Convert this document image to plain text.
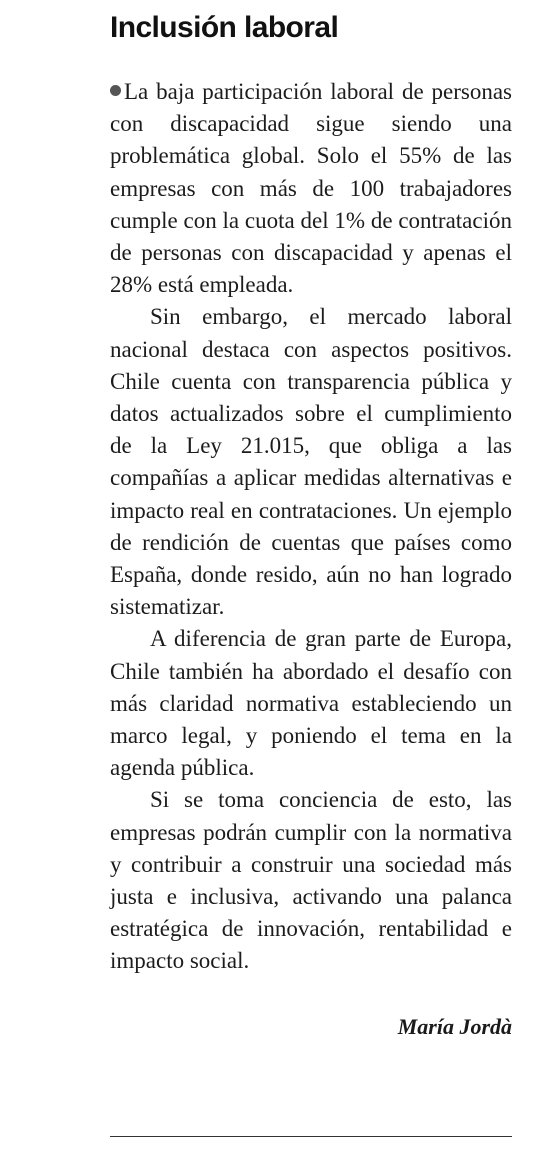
Inclusión laboral

La baja participación laboral de personas con discapacidad sigue siendo una problemática global. Solo el 55% de las empresas con más de 100 trabajadores cumple con la cuota del 1% de contratación de personas con discapacidad y apenas el 28% está empleada.

Sin embargo, el mercado laboral nacional destaca con aspectos positivos. Chile cuenta con transparencia pública y datos actualizados sobre el cumplimiento de la Ley 21.015, que obliga a las compañías a aplicar medidas alternativas e impacto real en contrataciones. Un ejemplo de rendición de cuentas que países como España, donde resido, aún no han logrado sistematizar.

A diferencia de gran parte de Europa, Chile también ha abordado el desafío con más claridad normativa estableciendo un marco legal, y poniendo el tema en la agenda pública.

Si se toma conciencia de esto, las empresas podrán cumplir con la normativa y contribuir a construir una sociedad más justa e inclusiva, activando una palanca estratégica de innovación, rentabilidad e impacto social.

María Jordà
